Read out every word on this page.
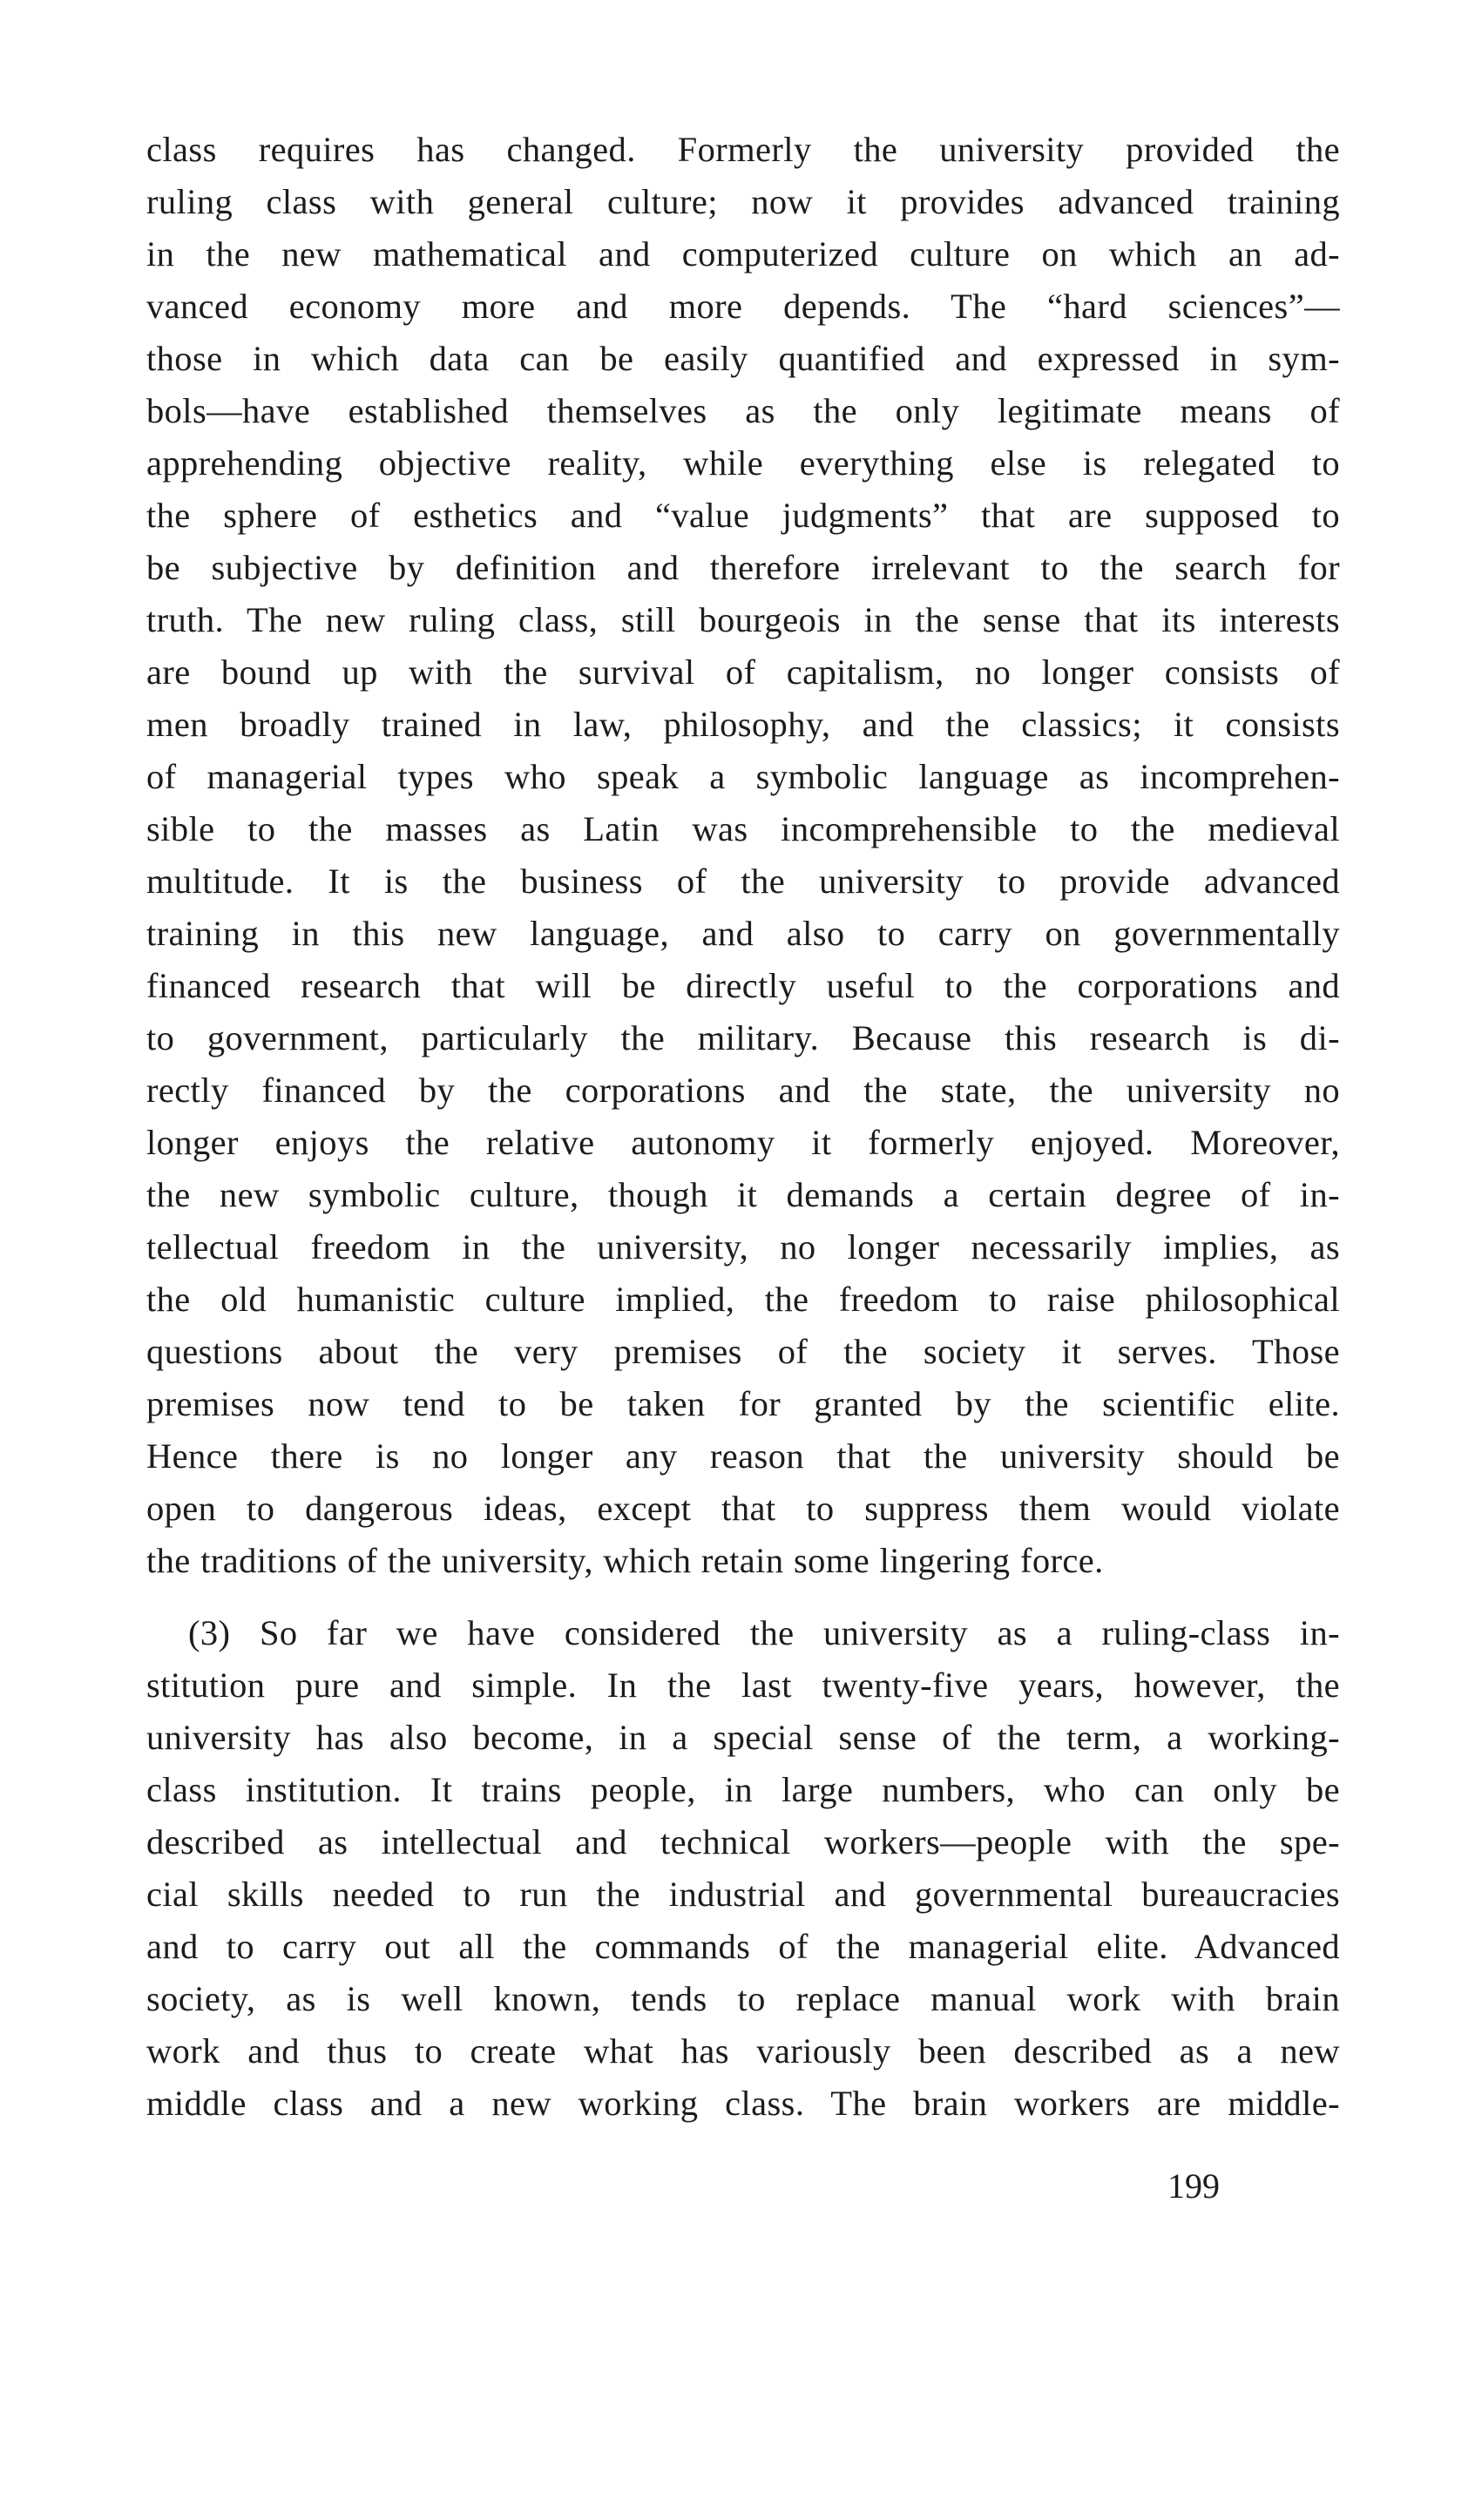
class requires has changed. Formerly the university provided the
ruling class with general culture; now it provides advanced training
in the new mathematical and computerized culture on which an ad-
vanced economy more and more depends. The “hard sciences”—
those in which data can be easily quantified and expressed in sym-
bols—have established themselves as the only legitimate means of
apprehending objective reality, while everything else is relegated to
the sphere of esthetics and “value judgments” that are supposed to
be subjective by definition and therefore irrelevant to the search for
truth. The new ruling class, still bourgeois in the sense that its interests
are bound up with the survival of capitalism, no longer consists of
men broadly trained in law, philosophy, and the classics; it consists
of managerial types who speak a symbolic language as incomprehen-
sible to the masses as Latin was incomprehensible to the medieval
multitude. It is the business of the university to provide advanced
training in this new language, and also to carry on governmentally
financed research that will be directly useful to the corporations and
to government, particularly the military. Because this research is di-
rectly financed by the corporations and the state, the university no
longer enjoys the relative autonomy it formerly enjoyed. Moreover,
the new symbolic culture, though it demands a certain degree of in-
tellectual freedom in the university, no longer necessarily implies, as
the old humanistic culture implied, the freedom to raise philosophical
questions about the very premises of the society it serves. Those
premises now tend to be taken for granted by the scientific elite.
Hence there is no longer any reason that the university should be
open to dangerous ideas, except that to suppress them would violate
the traditions of the university, which retain some lingering force.
(3) So far we have considered the university as a ruling-class in-
stitution pure and simple. In the last twenty-five years, however, the
university has also become, in a special sense of the term, a working-
class institution. It trains people, in large numbers, who can only be
described as intellectual and technical workers—people with the spe-
cial skills needed to run the industrial and governmental bureaucracies
and to carry out all the commands of the managerial elite. Advanced
society, as is well known, tends to replace manual work with brain
work and thus to create what has variously been described as a new
middle class and a new working class. The brain workers are middle-
199
